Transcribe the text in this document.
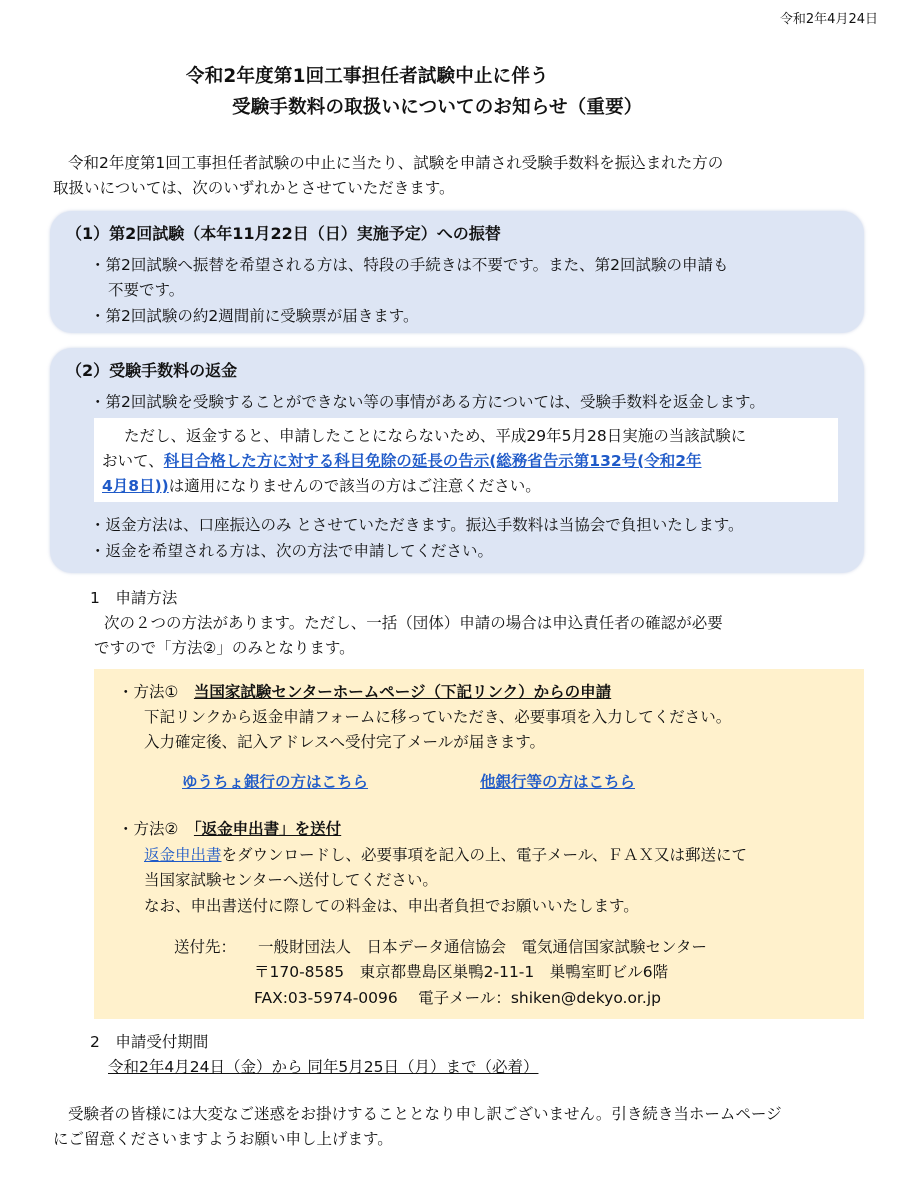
令和2年4月24日
令和2年度第1回工事担任者試験中止に伴う
受験手数料の取扱いについてのお知らせ（重要）
令和2年度第1回工事担任者試験の中止に当たり、試験を申請され受験手数料を振込まれた方の
取扱いについては、次のいずれかとさせていただきます。
（1）第2回試験（本年11月22日（日）実施予定）への振替
・第2回試験へ振替を希望される方は、特段の手続きは不要です。また、第2回試験の申請も
不要です。
・第2回試験の約2週間前に受験票が届きます。
（2）受験手数料の返金
・第2回試験を受験することができない等の事情がある方については、受験手数料を返金します。
ただし、返金すると、申請したことにならないため、平成29年5月28日実施の当該試験に
おいて、科目合格した方に対する科目免除の延長の告示(総務省告示第132号(令和2年
4月8日))は適用になりませんので該当の方はご注意ください。
・返金方法は、口座振込のみ とさせていただきます。振込手数料は当協会で負担いたします。
・返金を希望される方は、次の方法で申請してください。
1　申請方法
次の２つの方法があります。ただし、一括（団体）申請の場合は申込責任者の確認が必要
ですので「方法②」のみとなります。
・方法①　 当国家試験センターホームページ（下記リンク）からの申請
下記リンクから返金申請フォームに移っていただき、必要事項を入力してください。
入力確定後、記入アドレスへ受付完了メールが届きます。
ゆうちょ銀行の方はこちら	他銀行等の方はこちら
・方法②　 「返金申出書」を送付
返金申出書をダウンロードし、必要事項を記入の上、電子メール、ＦＡＸ又は郵送にて
当国家試験センターへ送付してください。
なお、申出書送付に際しての料金は、申出者負担でお願いいたします。
送付先： 一般財団法人　日本データ通信協会　電気通信国家試験センター
〒170-8585　東京都豊島区巣鴨2-11-1　巣鴨室町ビル6階
FAX:03-5974-0096　 電子メール：shiken@dekyo.or.jp
2　申請受付期間
令和2年4月24日（金）から 同年5月25日（月）まで（必着）
受験者の皆様には大変なご迷惑をお掛けすることとなり申し訳ございません。引き続き当ホームページ
にご留意くださいますようお願い申し上げます。
